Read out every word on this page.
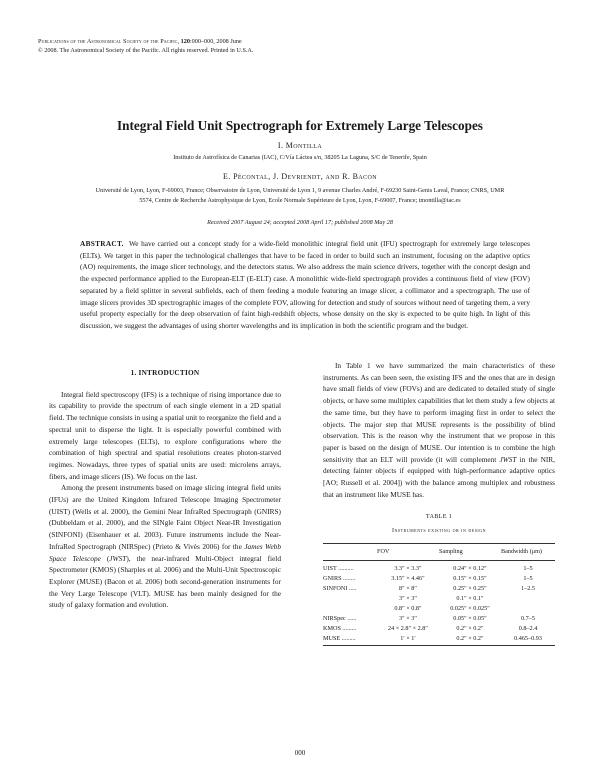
Publications of the Astronomical Society of the Pacific, 120:000–000, 2008 June
© 2008. The Astronomical Society of the Pacific. All rights reserved. Printed in U.S.A.
Integral Field Unit Spectrograph for Extremely Large Telescopes
I. Montilla
Instituto de Astrofísica de Canarias (IAC), C/Vía Láctea s/n, 38205 La Laguna, S/C de Tenerife, Spain
E. Pécontal, J. Devriendt, and R. Bacon
Université de Lyon, Lyon, F-69003, France; Observatoire de Lyon, Université de Lyon 1, 9 avenue Charles André, F-69230 Saint-Genis Laval, France; CNRS, UMR 5574, Centre de Recherche Astrophysique de Lyon, Ecole Normale Supérieure de Lyon, Lyon, F-69007, France; imontilla@iac.es
Received 2007 August 24; accepted 2008 April 17; published 2008 May 28
ABSTRACT. We have carried out a concept study for a wide-field monolithic integral field unit (IFU) spectrograph for extremely large telescopes (ELTs). We target in this paper the technological challenges that have to be faced in order to build such an instrument, focusing on the adaptive optics (AO) requirements, the image slicer technology, and the detectors status. We also address the main science drivers, together with the concept design and the expected performance applied to the European-ELT (E-ELT) case. A monolithic wide-field spectrograph provides a continuous field of view (FOV) separated by a field splitter in several subfields, each of them feeding a module featuring an image slicer, a collimator and a spectrograph. The use of image slicers provides 3D spectrographic images of the complete FOV, allowing for detection and study of sources without need of targeting them, a very useful property especially for the deep observation of faint high-redshift objects, whose density on the sky is expected to be quite high. In light of this discussion, we suggest the advantages of using shorter wavelengths and its implication in both the scientific program and the budget.
1. INTRODUCTION

Integral field spectroscopy (IFS) is a technique of rising importance due to its capability to provide the spectrum of each single element in a 2D spatial field. The technique consists in using a spatial unit to reorganize the field and a spectral unit to disperse the light. It is especially powerful combined with extremely large telescopes (ELTs), to explore configurations where the combination of high spectral and spatial resolutions creates photon-starved regimes. Nowadays, three types of spatial units are used: microlens arrays, fibers, and image slicers (IS). We focus on the last.

Among the present instruments based on image slicing integral field units (IFUs) are the United Kingdom Infrared Telescope Imaging Spectrometer (UIST) (Wells et al. 2000), the Gemini Near InfraRed Spectrograph (GNIRS) (Dubbeldam et al. 2000), and the SINgle Faint Object Near-IR Investigation (SINFONI) (Eisenhauer et al. 2003). Future instruments include the Near-InfraRed Spectrograph (NIRSpec) (Prieto & Vivès 2006) for the James Webb Space Telescope (JWST), the near-infrared Multi-Object integral field Spectrometer (KMOS) (Sharples et al. 2006) and the Multi-Unit Spectroscopic Explorer (MUSE) (Bacon et al. 2006) both second-generation instruments for the Very Large Telescope (VLT). MUSE has been mainly designed for the study of galaxy formation and evolution.

In Table 1 we have summarized the main characteristics of these instruments. As can been seen, the existing IFS and the ones that are in design have small fields of view (FOVs) and are dedicated to detailed study of single objects, or have some multiplex capabilities that let them study a few objects at the same time, but they have to perform imaging first in order to select the objects. The major step that MUSE represents is the possibility of blind observation. This is the reason why the instrument that we propose in this paper is based on the design of MUSE. Our intention is to combine the high sensitivity that an ELT will provide (it will complement JWST in the NIR, detecting fainter objects if equipped with high-performance adaptive optics [AO; Russell et al. 2004]) with the balance among multiplex and robustness that an instrument like MUSE has.

TABLE 1
Instruments existing or in design
	FOV	Sampling	Bandwidth (μm)
UIST ..........	3.3″ × 3.3″	0.24″ × 0.12″	1–5
GNIRS ........	3.15″ × 4.46″	0.15″ × 0.15″	1–5
SINFONI .....	8″ × 8″	0.25″ × 0.25″	1–2.5
	3″ × 3″	0.1″ × 0.1″	
	0.8″ × 0.8″	0.025″ × 0.025″	
NIRSpec ......	3″ × 3″	0.05″ × 0.05″	0.7–5
KMOS .........	24 × 2.8″ × 2.8″	0.2″ × 0.2″	0.8–2.4
MUSE .........	1′ × 1′	0.2″ × 0.2″	0.465–0.93
000
